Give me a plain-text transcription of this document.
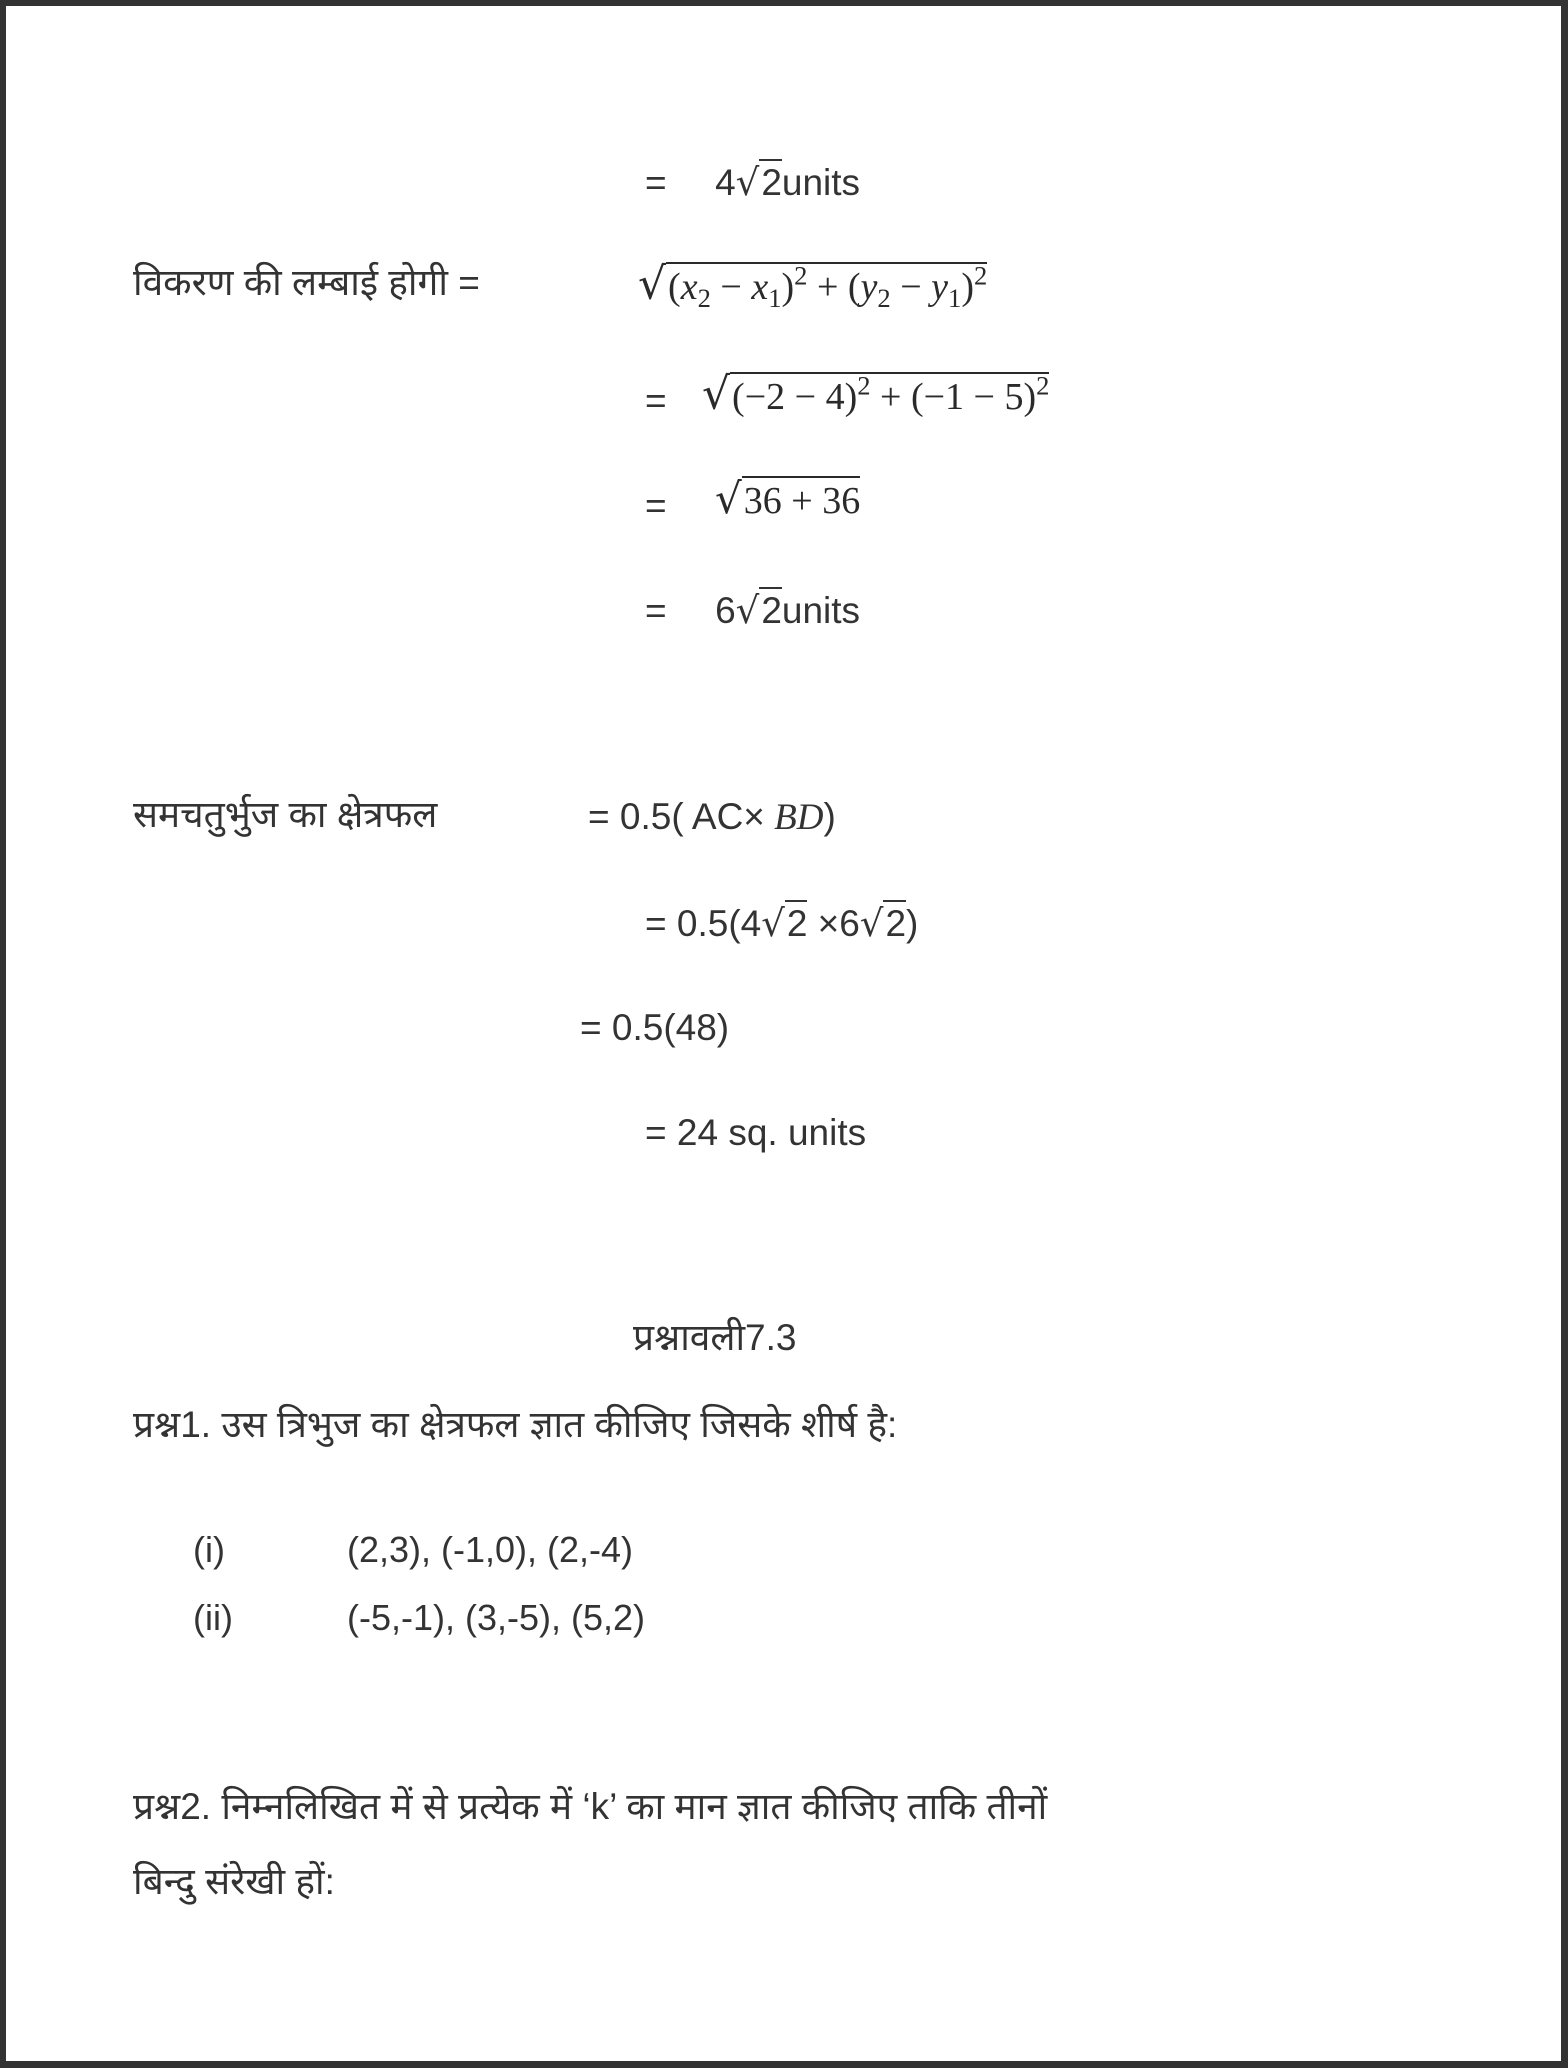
= 4√2units
विकरण की लम्बाई होगी =	$√(x_2 - x_1)^2 + (y_2 - y_1)^2$
= $√(-2 - 4)^2 + (-1 - 5)^2$
= √36 + 36
= 6√2units
समचतुर्भुज का क्षेत्रफल	= 0.5( AC× BD)
= 0.5(4√2 ×6√2)
= 0.5(48)
= 24 sq. units
प्रश्नावली7.3
प्रश्न1. उस त्रिभुज का क्षेत्रफल ज्ञात कीजिए जिसके शीर्ष है:
(i)	(2,3), (-1,0), (2,-4)
(ii)	(-5,-1), (3,-5), (5,2)
प्रश्न2. निम्नलिखित में से प्रत्येक में ‘k’ का मान ज्ञात कीजिए ताकि तीनों
बिन्दु संरेखी हों:
